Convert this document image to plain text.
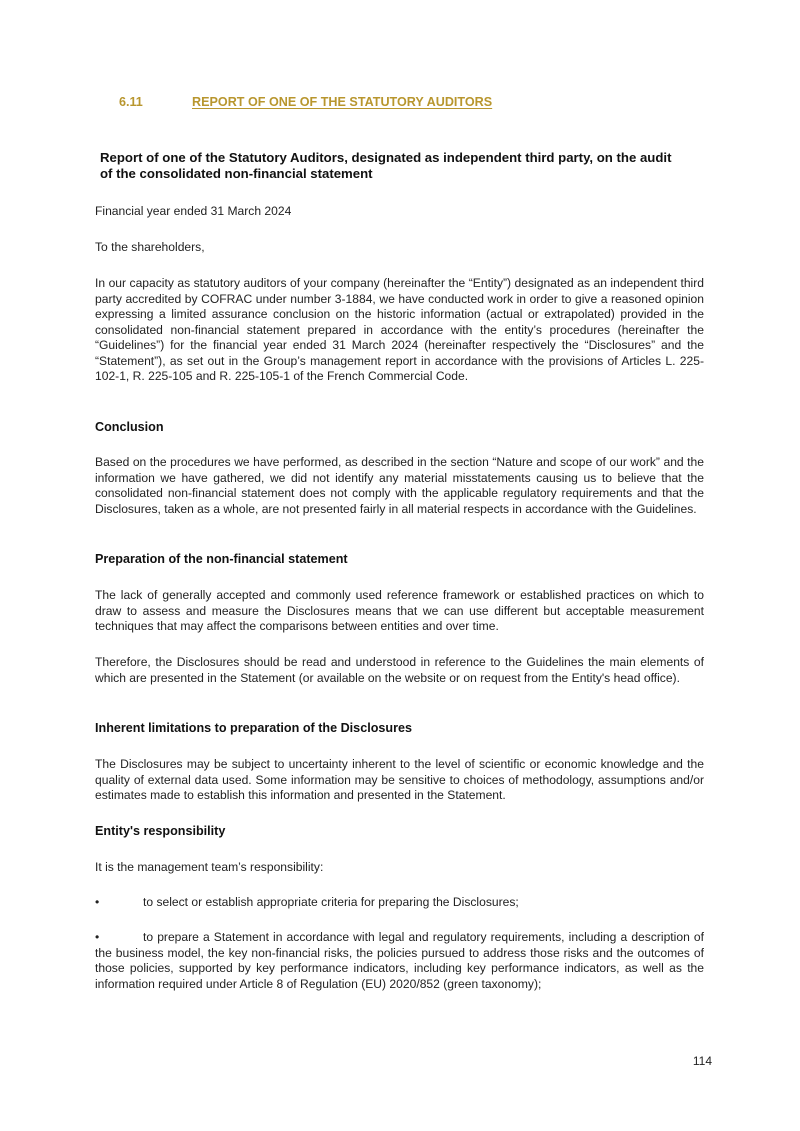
6.11	REPORT OF ONE OF THE STATUTORY AUDITORS
Report of one of the Statutory Auditors, designated as independent third party, on the audit
of the consolidated non-financial statement

Financial year ended 31 March 2024

To the shareholders,

In our capacity as statutory auditors of your company (hereinafter the “Entity”) designated as an independent third party accredited by COFRAC under number 3-1884, we have conducted work in order to give a reasoned opinion expressing a limited assurance conclusion on the historic information (actual or extrapolated) provided in the consolidated non-financial statement prepared in accordance with the entity’s procedures (hereinafter the “Guidelines”) for the financial year ended 31 March 2024 (hereinafter respectively the “Disclosures” and the “Statement”), as set out in the Group’s management report in accordance with the provisions of Articles L. 225-102-1, R. 225-105 and R. 225-105-1 of the French Commercial Code.

Conclusion

Based on the procedures we have performed, as described in the section “Nature and scope of our work” and the information we have gathered, we did not identify any material misstatements causing us to believe that the consolidated non-financial statement does not comply with the applicable regulatory requirements and that the Disclosures, taken as a whole, are not presented fairly in all material respects in accordance with the Guidelines.

Preparation of the non-financial statement

The lack of generally accepted and commonly used reference framework or established practices on which to draw to assess and measure the Disclosures means that we can use different but acceptable measurement techniques that may affect the comparisons between entities and over time.

Therefore, the Disclosures should be read and understood in reference to the Guidelines the main elements of which are presented in the Statement (or available on the website or on request from the Entity's head office).

Inherent limitations to preparation of the Disclosures

The Disclosures may be subject to uncertainty inherent to the level of scientific or economic knowledge and the quality of external data used. Some information may be sensitive to choices of methodology, assumptions and/or estimates made to establish this information and presented in the Statement.

Entity's responsibility

It is the management team’s responsibility:

•	to select or establish appropriate criteria for preparing the Disclosures;
•	to prepare a Statement in accordance with legal and regulatory requirements, including a description of the business model, the key non-financial risks, the policies pursued to address those risks and the outcomes of those policies, supported by key performance indicators, including key performance indicators, as well as the information required under Article 8 of Regulation (EU) 2020/852 (green taxonomy);
114
